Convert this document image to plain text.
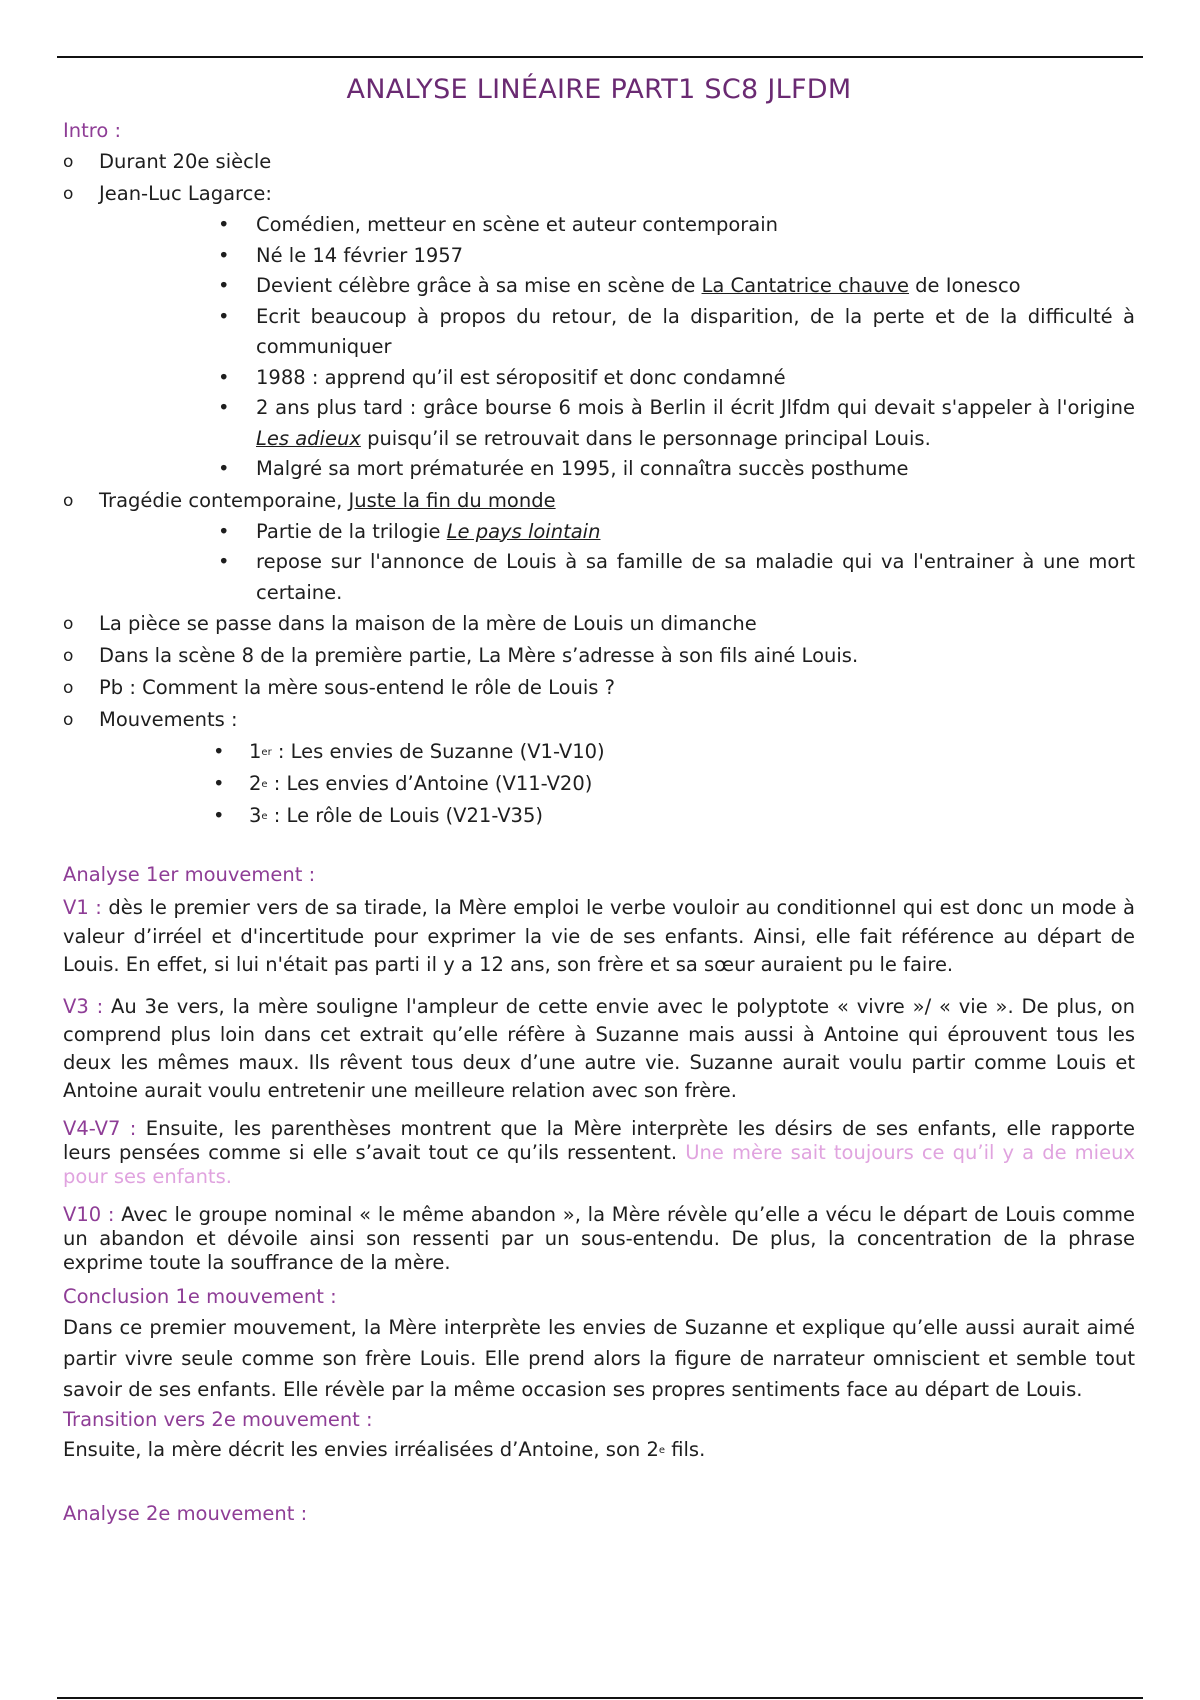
ANALYSE LINÉAIRE PART1 SC8 JLFDM
Intro :
o Durant 20e siècle
o Jean-Luc Lagarce:
• Comédien, metteur en scène et auteur contemporain
• Né le 14 février 1957
• Devient célèbre grâce à sa mise en scène de La Cantatrice chauve de Ionesco
• Ecrit beaucoup à propos du retour, de la disparition, de la perte et de la difficulté à communiquer
• 1988 : apprend qu’il est séropositif et donc condamné
• 2 ans plus tard : grâce bourse 6 mois à Berlin il écrit Jlfdm qui devait s'appeler à l'origine Les adieux puisqu’il se retrouvait dans le personnage principal Louis.
• Malgré sa mort prématurée en 1995, il connaîtra succès posthume
o Tragédie contemporaine, Juste la fin du monde
• Partie de la trilogie Le pays lointain
• repose sur l'annonce de Louis à sa famille de sa maladie qui va l'entrainer à une mort certaine.
o La pièce se passe dans la maison de la mère de Louis un dimanche
o Dans la scène 8 de la première partie, La Mère s’adresse à son fils ainé Louis.
o Pb : Comment la mère sous-entend le rôle de Louis ?
o Mouvements :
• 1er : Les envies de Suzanne (V1-V10)
• 2e : Les envies d’Antoine (V11-V20)
• 3e : Le rôle de Louis (V21-V35)
Analyse 1er mouvement :

V1 : dès le premier vers de sa tirade, la Mère emploi le verbe vouloir au conditionnel qui est donc un mode à valeur d’irréel et d'incertitude pour exprimer la vie de ses enfants. Ainsi, elle fait référence au départ de Louis. En effet, si lui n'était pas parti il y a 12 ans, son frère et sa sœur auraient pu le faire.

V3 : Au 3e vers, la mère souligne l'ampleur de cette envie avec le polyptote « vivre »/ « vie ». De plus, on comprend plus loin dans cet extrait qu’elle réfère à Suzanne mais aussi à Antoine qui éprouvent tous les deux les mêmes maux. Ils rêvent tous deux d’une autre vie. Suzanne aurait voulu partir comme Louis et Antoine aurait voulu entretenir une meilleure relation avec son frère.

V4-V7 : Ensuite, les parenthèses montrent que la Mère interprète les désirs de ses enfants, elle rapporte leurs pensées comme si elle s’avait tout ce qu’ils ressentent. Une mère sait toujours ce qu’il y a de mieux pour ses enfants.

V10 : Avec le groupe nominal « le même abandon », la Mère révèle qu’elle a vécu le départ de Louis comme un abandon et dévoile ainsi son ressenti par un sous-entendu. De plus, la concentration de la phrase exprime toute la souffrance de la mère.

Conclusion 1e mouvement :
Dans ce premier mouvement, la Mère interprète les envies de Suzanne et explique qu’elle aussi aurait aimé partir vivre seule comme son frère Louis. Elle prend alors la figure de narrateur omniscient et semble tout savoir de ses enfants. Elle révèle par la même occasion ses propres sentiments face au départ de Louis.
Transition vers 2e mouvement :
Ensuite, la mère décrit les envies irréalisées d’Antoine, son 2e fils.
Analyse 2e mouvement :
